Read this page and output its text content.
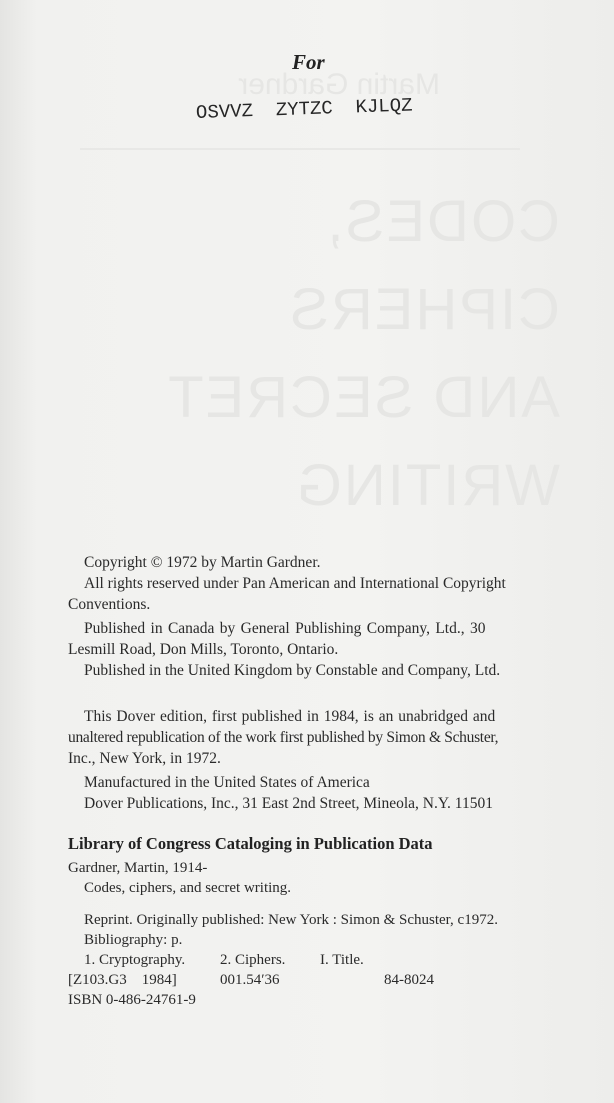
Martin Gardner
CODES, CIPHERS
AND SECRET
WRITING
For
OSVVZ  ZYTZC  KJLQZ
Copyright © 1972 by Martin Gardner.
All rights reserved under Pan American and International Copyright
Conventions.
Published in Canada by General Publishing Company, Ltd., 30
Lesmill Road, Don Mills, Toronto, Ontario.
Published in the United Kingdom by Constable and Company, Ltd.
This Dover edition, first published in 1984, is an unabridged and
unaltered republication of the work first published by Simon & Schuster,
Inc., New York, in 1972.
Manufactured in the United States of America
Dover Publications, Inc., 31 East 2nd Street, Mineola, N.Y. 11501
Library of Congress Cataloging in Publication Data
Gardner, Martin, 1914-
Codes, ciphers, and secret writing.
Reprint. Originally published: New York : Simon & Schuster, c1972.
Bibliography: p.
1. Cryptography. 2. Ciphers. I. Title.
[Z103.G3    1984]	001.54′36	84-8024
ISBN 0-486-24761-9
